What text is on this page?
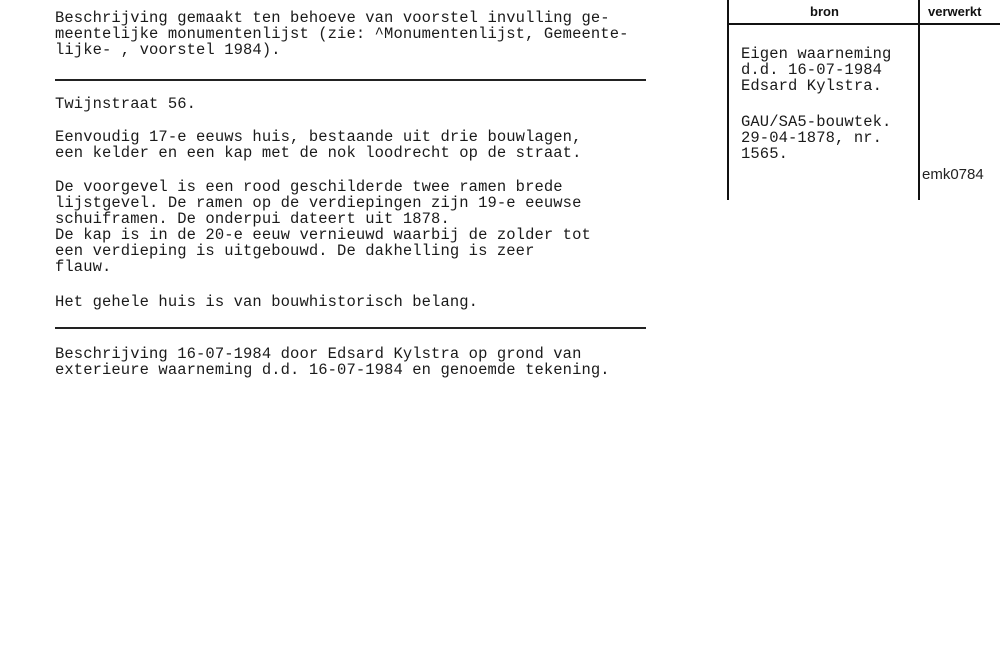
Beschrijving gemaakt ten behoeve van voorstel invulling ge-
meentelijke monumentenlijst (zie: ^Monumentenlijst, Gemeente-
lijke- , voorstel 1984).

Twijnstraat 56.

Eenvoudig 17-e eeuws huis, bestaande uit drie bouwlagen,
een kelder en een kap met de nok loodrecht op de straat.

De voorgevel is een rood geschilderde twee ramen brede
lijstgevel. De ramen op de verdiepingen zijn 19-e eeuwse
schuiframen. De onderpui dateert uit 1878.
De kap is in de 20-e eeuw vernieuwd waarbij de zolder tot
een verdieping is uitgebouwd. De dakhelling is zeer
flauw.

Het gehele huis is van bouwhistorisch belang.

Beschrijving 16-07-1984 door Edsard Kylstra op grond van
exterieure waarneming d.d. 16-07-1984 en genoemde tekening.

bron	verwerkt

Eigen waarneming
d.d. 16-07-1984
Edsard Kylstra.

GAU/SA5-bouwtek.
29-04-1878, nr.
1565.

emk0784
